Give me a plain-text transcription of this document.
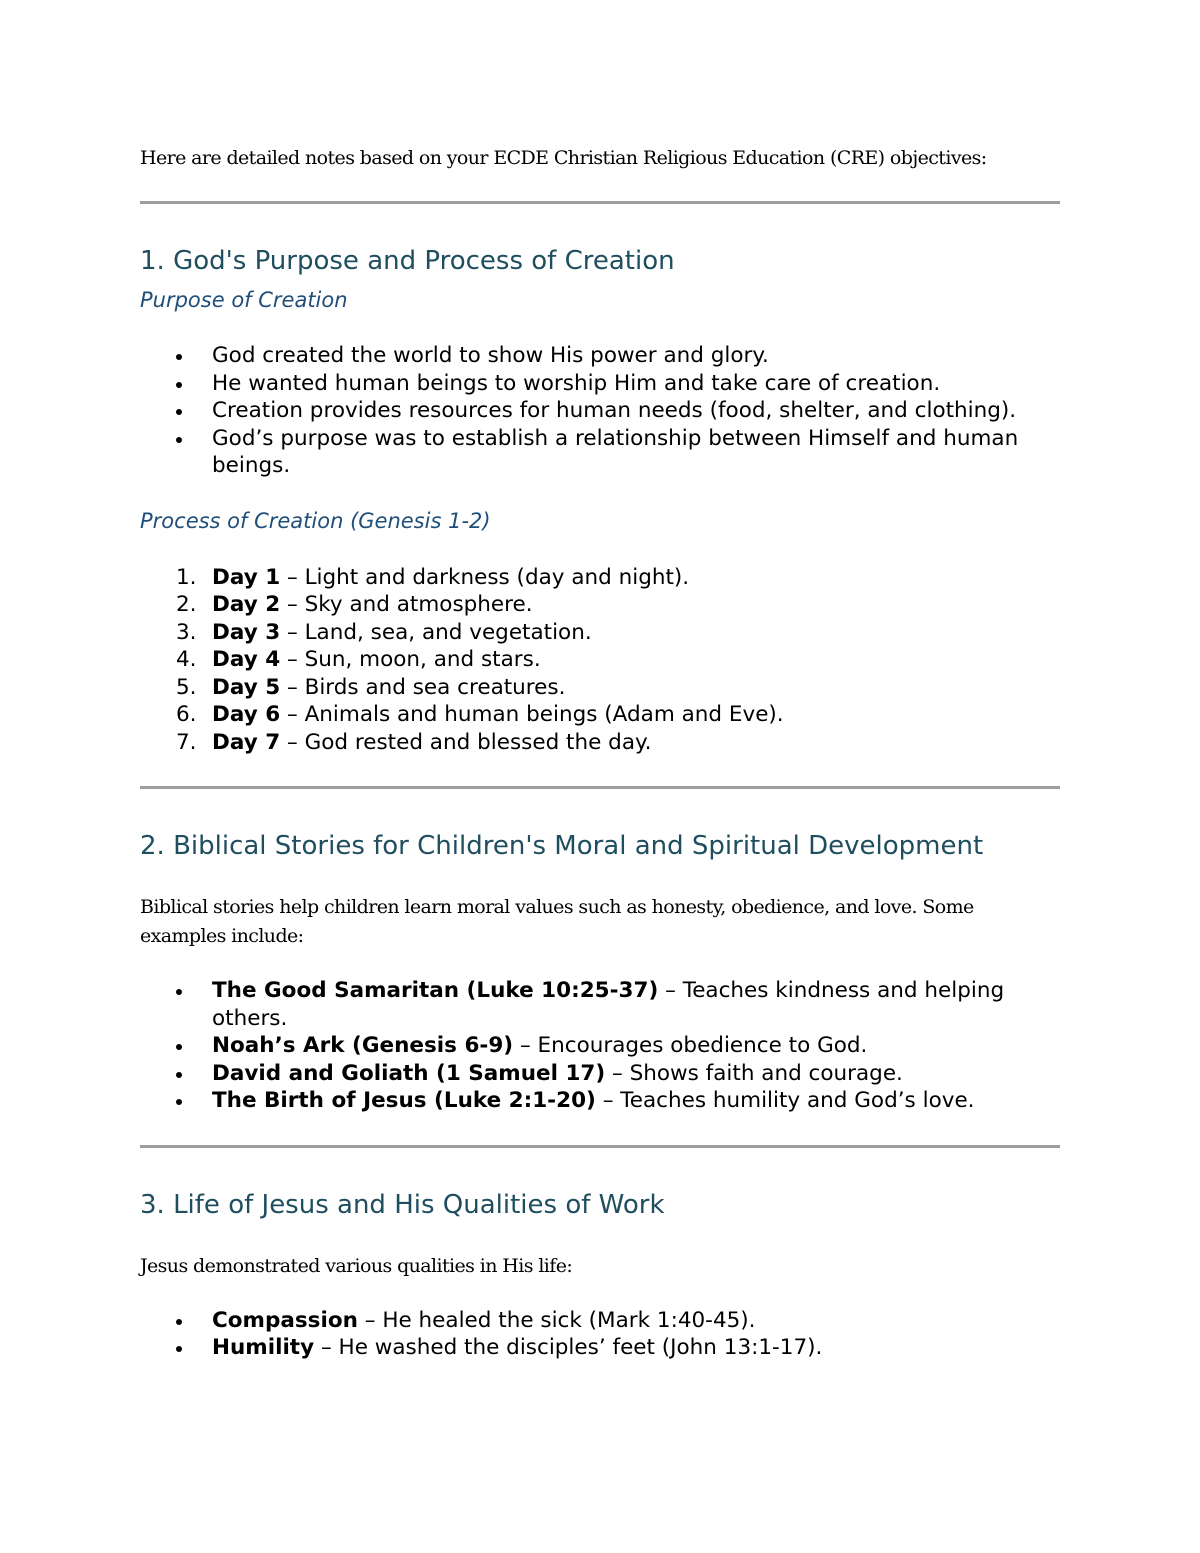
Here are detailed notes based on your ECDE Christian Religious Education (CRE) objectives:

1. God's Purpose and Process of Creation
Purpose of Creation
God created the world to show His power and glory.
He wanted human beings to worship Him and take care of creation.
Creation provides resources for human needs (food, shelter, and clothing).
God’s purpose was to establish a relationship between Himself and human beings.
Process of Creation (Genesis 1-2)
1. Day 1 – Light and darkness (day and night).
2. Day 2 – Sky and atmosphere.
3. Day 3 – Land, sea, and vegetation.
4. Day 4 – Sun, moon, and stars.
5. Day 5 – Birds and sea creatures.
6. Day 6 – Animals and human beings (Adam and Eve).
7. Day 7 – God rested and blessed the day.
2. Biblical Stories for Children's Moral and Spiritual Development

Biblical stories help children learn moral values such as honesty, obedience, and love. Some examples include:

The Good Samaritan (Luke 10:25-37) – Teaches kindness and helping others.
Noah’s Ark (Genesis 6-9) – Encourages obedience to God.
David and Goliath (1 Samuel 17) – Shows faith and courage.
The Birth of Jesus (Luke 2:1-20) – Teaches humility and God’s love.
3. Life of Jesus and His Qualities of Work

Jesus demonstrated various qualities in His life:

Compassion – He healed the sick (Mark 1:40-45).
Humility – He washed the disciples’ feet (John 13:1-17).
